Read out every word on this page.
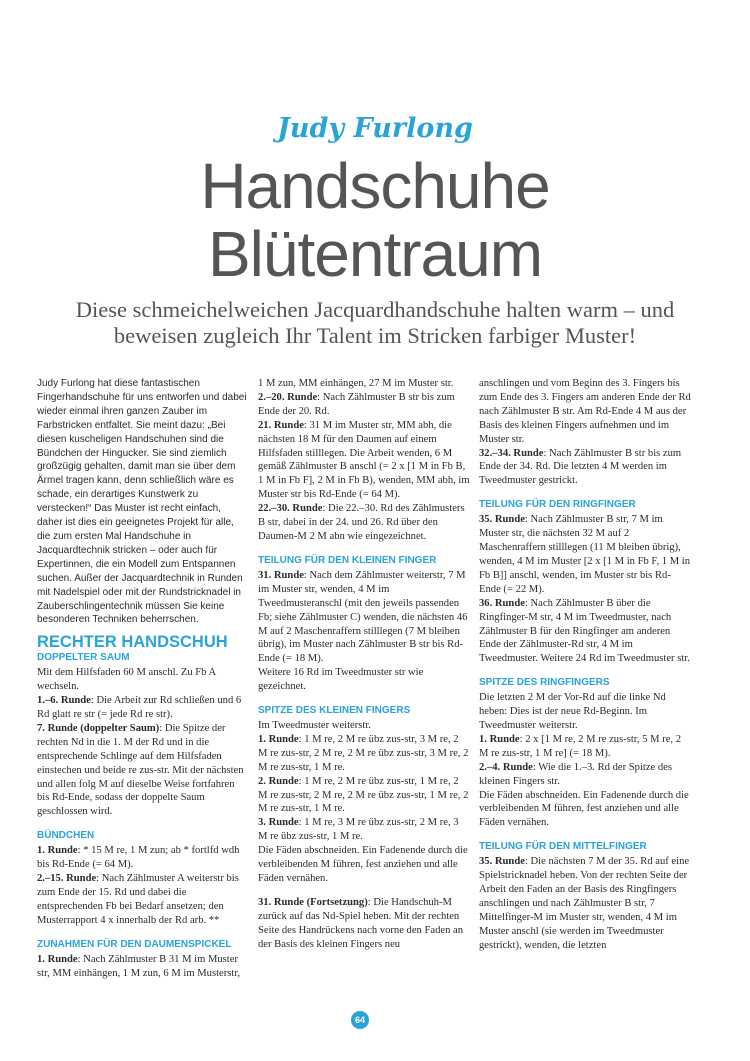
Judy Furlong
Handschuhe
Blütentraum
Diese schmeichelweichen Jacquardhandschuhe halten warm – und beweisen zugleich Ihr Talent im Stricken farbiger Muster!

Judy Furlong hat diese fantastischen Fingerhandschuhe für uns entworfen und dabei wieder einmal ihren ganzen Zauber im Farbstricken entfaltet. Sie meint dazu: „Bei diesen kuscheligen Handschuhen sind die Bündchen der Hingucker. Sie sind ziemlich großzügig gehalten, damit man sie über dem Ärmel tragen kann, denn schließlich wäre es schade, ein derartiges Kunstwerk zu verstecken!“ Das Muster ist recht einfach, daher ist dies ein geeignetes Projekt für alle, die zum ersten Mal Handschuhe in Jacquardtechnik stricken – oder auch für Expertinnen, die ein Modell zum Entspannen suchen. Außer der Jacquardtechnik in Runden mit Nadelspiel oder mit der Rundstricknadel in Zauberschlingentechnik müssen Sie keine besonderen Techniken beherrschen.

RECHTER HANDSCHUH
DOPPELTER SAUM

Mit dem Hilfsfaden 60 M anschl. Zu Fb A wechseln.

1.–6. Runde: Die Arbeit zur Rd schließen und 6 Rd glatt re str (= jede Rd re str).

7. Runde (doppelter Saum): Die Spitze der rechten Nd in die 1. M der Rd und in die entsprechende Schlinge auf dem Hilfsfaden einstechen und beide re zus-str. Mit der nächsten und allen folg M auf dieselbe Weise fortfahren bis Rd-Ende, sodass der doppelte Saum geschlossen wird.

BÜNDCHEN

1. Runde: * 15 M re, 1 M zun; ab * fortlfd wdh bis Rd-Ende (= 64 M).

2.–15. Runde: Nach Zählmuster A weiterstr bis zum Ende der 15. Rd und dabei die entsprechenden Fb bei Bedarf ansetzen; den Musterrapport 4 x innerhalb der Rd arb. **

ZUNAHMEN FÜR DEN DAUMENSPICKEL

1. Runde: Nach Zählmuster B 31 M im Muster str, MM einhängen, 1 M zun, 6 M im Musterstr,

1 M zun, MM einhängen, 27 M im Muster str.

2.–20. Runde: Nach Zählmuster B str bis zum Ende der 20. Rd.

21. Runde: 31 M im Muster str, MM abh, die nächsten 18 M für den Daumen auf einem Hilfsfaden stilllegen. Die Arbeit wenden, 6 M gemäß Zählmuster B anschl (= 2 x [1 M in Fb B, 1 M in Fb F], 2 M in Fb B), wenden, MM abh, im Muster str bis Rd-Ende (= 64 M).

22.–30. Runde: Die 22.–30. Rd des Zählmusters B str, dabei in der 24. und 26. Rd über den Daumen-M 2 M abn wie eingezeichnet.

TEILUNG FÜR DEN KLEINEN FINGER

31. Runde: Nach dem Zählmuster weiterstr, 7 M im Muster str, wenden, 4 M im Tweedmusteranschl (mit den jeweils passenden Fb; siehe Zählmuster C) wenden, die nächsten 46 M auf 2 Maschenraffern stilllegen (7 M bleiben übrig), im Muster nach Zählmuster B str bis Rd-Ende (= 18 M).

Weitere 16 Rd im Tweedmuster str wie gezeichnet.

SPITZE DES KLEINEN FINGERS

Im Tweedmuster weiterstr.

1. Runde: 1 M re, 2 M re übz zus-str, 3 M re, 2 M re zus-str, 2 M re, 2 M re übz zus-str, 3 M re, 2 M re zus-str, 1 M re.

2. Runde: 1 M re, 2 M re übz zus-str, 1 M re, 2 M re zus-str, 2 M re, 2 M re übz zus-str, 1 M re, 2 M re zus-str, 1 M re.

3. Runde: 1 M re, 3 M re übz zus-str, 2 M re, 3 M re übz zus-str, 1 M re.

Die Fäden abschneiden. Ein Fadenende durch die verbleibenden M führen, fest anziehen und alle Fäden vernähen.

31. Runde (Fortsetzung): Die Handschuh-M zurück auf das Nd-Spiel heben. Mit der rechten Seite des Handrückens nach vorne den Faden an der Basis des kleinen Fingers neu

anschlingen und vom Beginn des 3. Fingers bis zum Ende des 3. Fingers am anderen Ende der Rd nach Zählmuster B str. Am Rd-Ende 4 M aus der Basis des kleinen Fingers aufnehmen und im Muster str.

32.–34. Runde: Nach Zählmuster B str bis zum Ende der 34. Rd. Die letzten 4 M werden im Tweedmuster gestrickt.

TEILUNG FÜR DEN RINGFINGER

35. Runde: Nach Zählmuster B str, 7 M im Muster str, die nächsten 32 M auf 2 Maschenraffern stilllegen (11 M bleiben übrig), wenden, 4 M im Muster [2 x [1 M in Fb F, 1 M in Fb B]] anschl, wenden, im Muster str bis Rd-Ende (= 22 M).

36. Runde: Nach Zählmuster B über die Ringfinger-M str, 4 M im Tweedmuster, nach Zählmuster B für den Ringfinger am anderen Ende der Zählmuster-Rd str, 4 M im Tweedmuster. Weitere 24 Rd im Tweedmuster str.

SPITZE DES RINGFINGERS

Die letzten 2 M der Vor-Rd auf die linke Nd heben: Dies ist der neue Rd-Beginn. Im Tweedmuster weiterstr.

1. Runde: 2 x [1 M re, 2 M re zus-str, 5 M re, 2 M re zus-str, 1 M re] (= 18 M).

2.–4. Runde: Wie die 1.–3. Rd der Spitze des kleinen Fingers str.

Die Fäden abschneiden. Ein Fadenende durch die verbleibenden M führen, fest anziehen und alle Fäden vernähen.

TEILUNG FÜR DEN MITTELFINGER

35. Runde: Die nächsten 7 M der 35. Rd auf eine Spielstricknadel heben. Von der rechten Seite der Arbeit den Faden an der Basis des Ringfingers anschlingen und nach Zählmuster B str, 7 Mittelfinger-M im Muster str, wenden, 4 M im Muster anschl (sie werden im Tweedmuster gestrickt), wenden, die letzten

64
